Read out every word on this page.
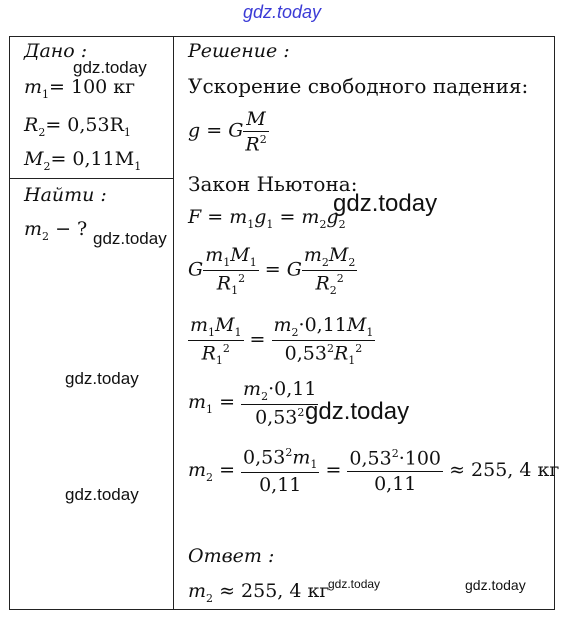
gdz.today
Дано :
$m_1= 100$ кг
$R_2= 0,53R_1$
$M_2= 0,11M_1$
Найти :
$m_2$ − ?
Решение :
Ускорение свободного падения:
g = G $\frac{M}{R^2}$
Закон Ньютона:
$F = m_1g_1 = m_2g_2$
G $\frac{m_1M_1}{R_1^2} = G \frac{m_2M_2}{R_2^2}$
$\frac{m_1M_1}{R_1^2} = \frac{m_2\cdot 0,11M_1}{0,53^2R_1^2}$
$m_1 = \frac{m_2\cdot 0,11}{0,53^2}$
$m_2 = \frac{0,53^2m_1}{0,11} = \frac{0,53^2\cdot 100}{0,11} \approx 255$, 4 кг
Ответ :
$m_2 \approx 255$, 4 кг
gdz.today
gdz.today
gdz.today
gdz.today
gdz.today
gdz.today
gdz.today	gdz.today
